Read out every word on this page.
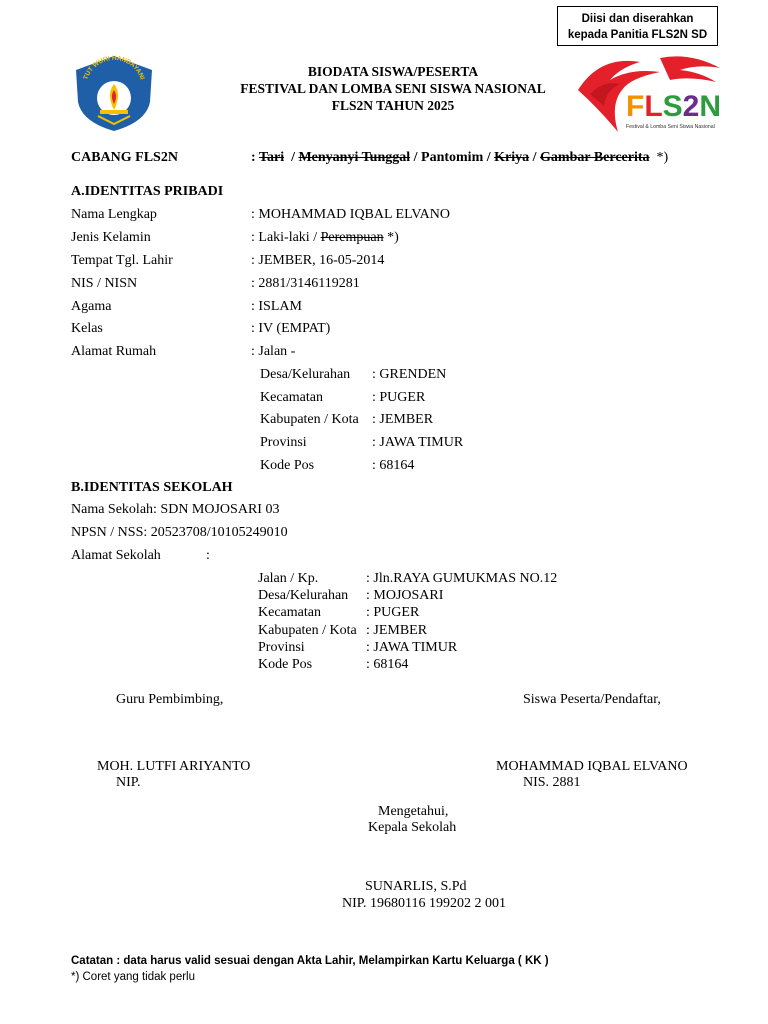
Diisi dan diserahkan
kepada Panitia FLS2N SD
TUT WURI HANDAYANI
FLS2N
Festival & Lomba Seni Siswa Nasional
BIODATA SISWA/PESERTA
FESTIVAL DAN LOMBA SENI SISWA NASIONAL
FLS2N TAHUN 2025
CABANG FLS2N	: Tari  / Menyanyi Tunggal / Pantomim / Kriya / Gambar Bercerita  *)
A.IDENTITAS PRIBADI
Nama Lengkap	: MOHAMMAD IQBAL ELVANO
Jenis Kelamin	: Laki-laki / Perempuan *)
Tempat Tgl. Lahir	: JEMBER, 16-05-2014
NIS / NISN	: 2881/3146119281
Agama	: ISLAM
Kelas	: IV (EMPAT)
Alamat Rumah	: Jalan -
Desa/Kelurahan : GRENDEN
Kecamatan	: PUGER
Kabupaten / Kota : JEMBER
Provinsi	: JAWA TIMUR
Kode Pos	: 68164
B.IDENTITAS SEKOLAH
Nama Sekolah: SDN MOJOSARI 03
NPSN / NSS: 20523708/10105249010
Alamat Sekolah	:
Jalan / Kp.	: Jln.RAYA GUMUKMAS NO.12
Desa/Kelurahan : MOJOSARI
Kecamatan	: PUGER
Kabupaten / Kota : JEMBER
Provinsi	: JAWA TIMUR
Kode Pos	: 68164
Guru Pembimbing,	Siswa Peserta/Pendaftar,
MOH. LUTFI ARIYANTO
NIP.
MOHAMMAD IQBAL ELVANO
NIS. 2881
Mengetahui,
Kepala Sekolah
SUNARLIS, S.Pd
NIP. 19680116 199202 2 001
Catatan : data harus valid sesuai dengan Akta Lahir, Melampirkan Kartu Keluarga ( KK )
*) Coret yang tidak perlu
